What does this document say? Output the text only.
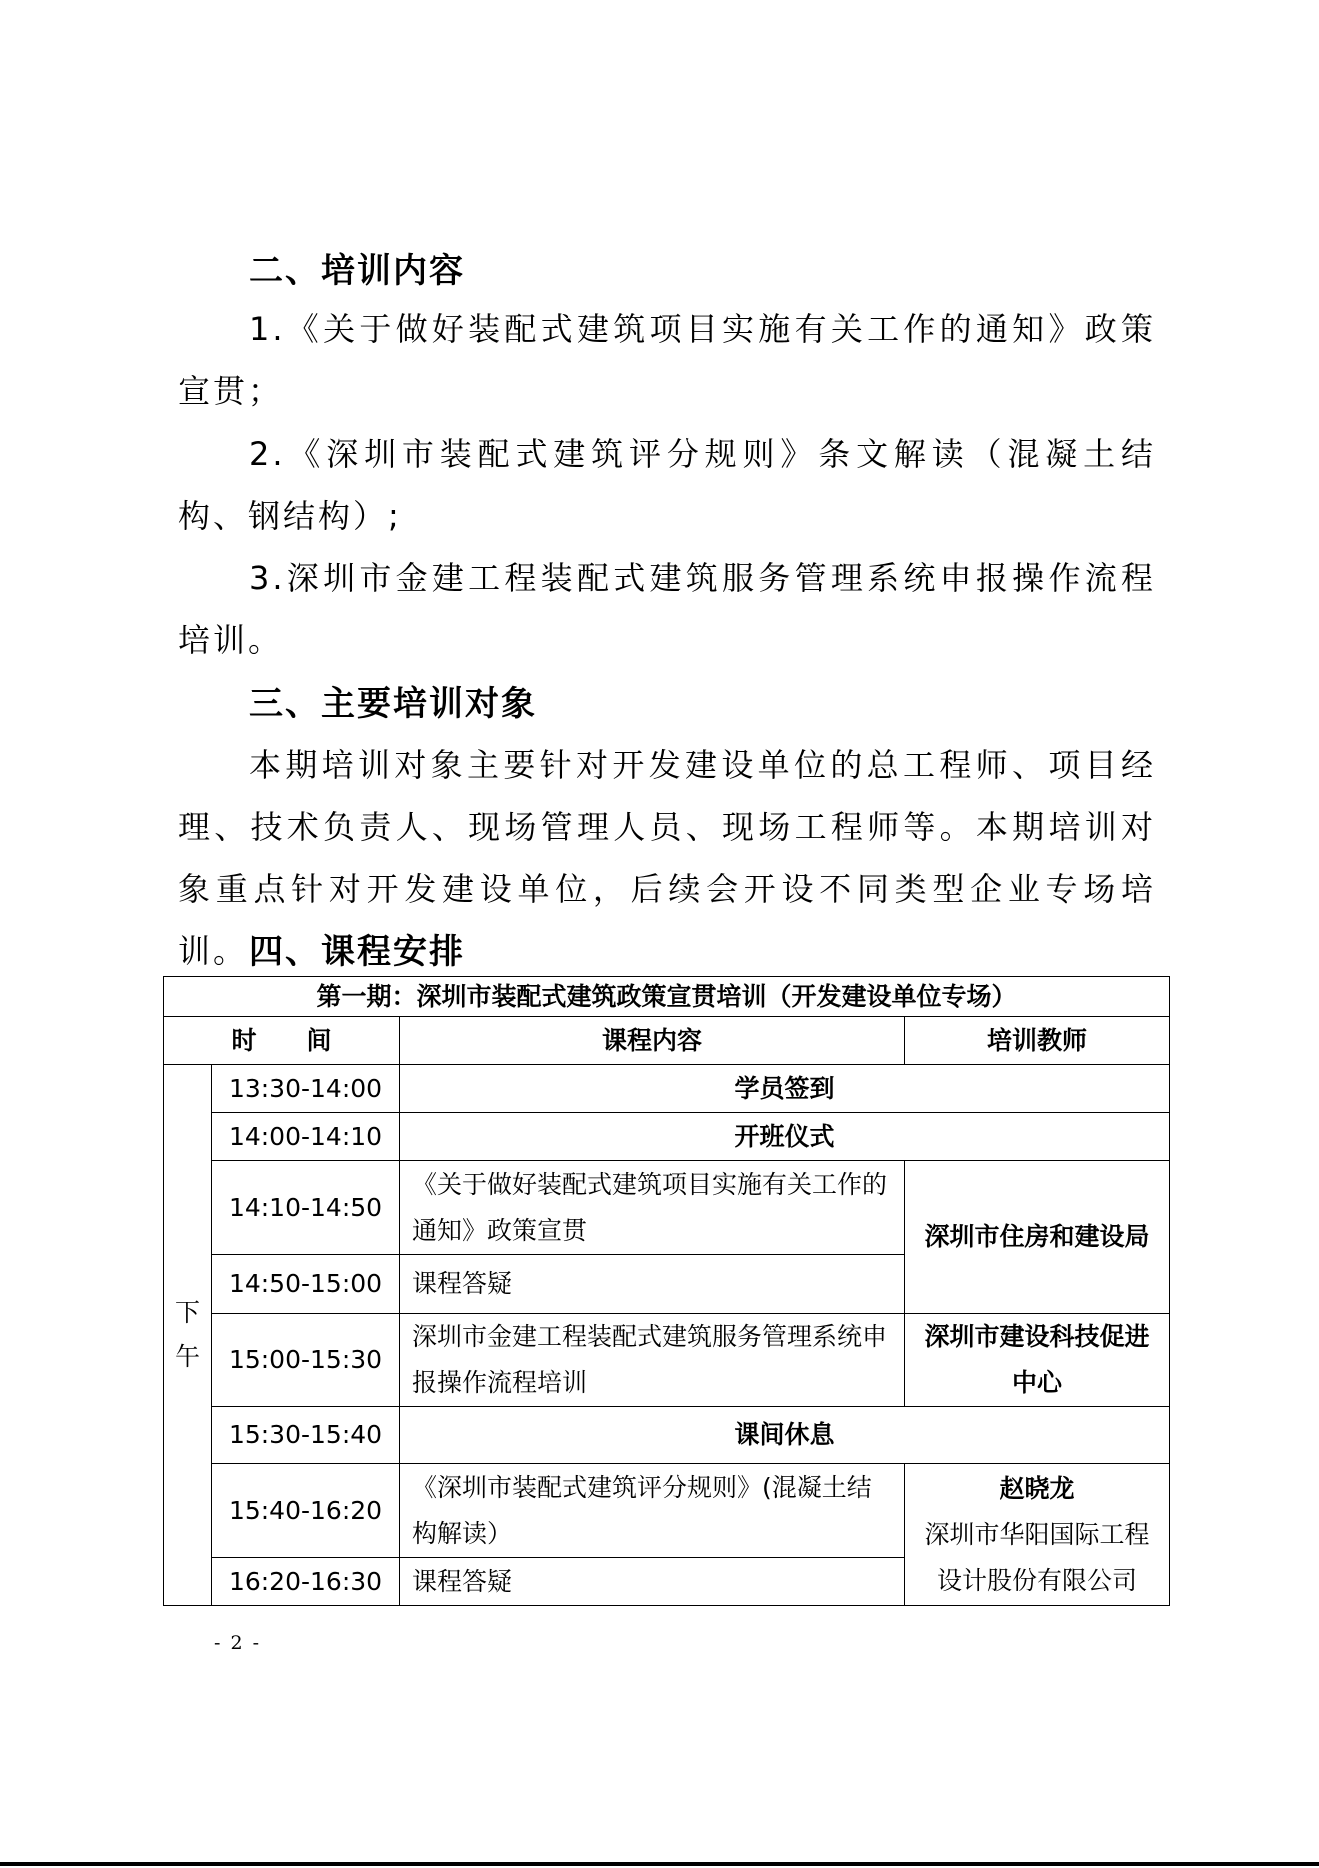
二、培训内容

1.《关于做好装配式建筑项目实施有关工作的通知》政策宣贯；

2.《深圳市装配式建筑评分规则》条文解读（混凝土结构、钢结构）;

3.深圳市金建工程装配式建筑服务管理系统申报操作流程培训。

三、主要培训对象

本期培训对象主要针对开发建设单位的总工程师、项目经理、技术负责人、现场管理人员、现场工程师等。本期培训对象重点针对开发建设单位，后续会开设不同类型企业专场培训。 四、课程安排
第一期：深圳市装配式建筑政策宣贯培训（开发建设单位专场）			
时　　间		课程内容	培训教师
下午	13:30-14:00	学员签到	
	14:00-14:10	开班仪式	
	14:10-14:50	《关于做好装配式建筑项目实施有关工作的通知》政策宣贯	深圳市住房和建设局
	14:50-15:00	课程答疑	
	15:00-15:30	深圳市金建工程装配式建筑服务管理系统申报操作流程培训	深圳市建设科技促进中心
	15:30-15:40	课间休息	
	15:40-16:20	《深圳市装配式建筑评分规则》(混凝土结构解读）	赵晓龙
深圳市华阳国际工程设计股份有限公司

	16:20-16:30	课程答疑	
- 2 -
